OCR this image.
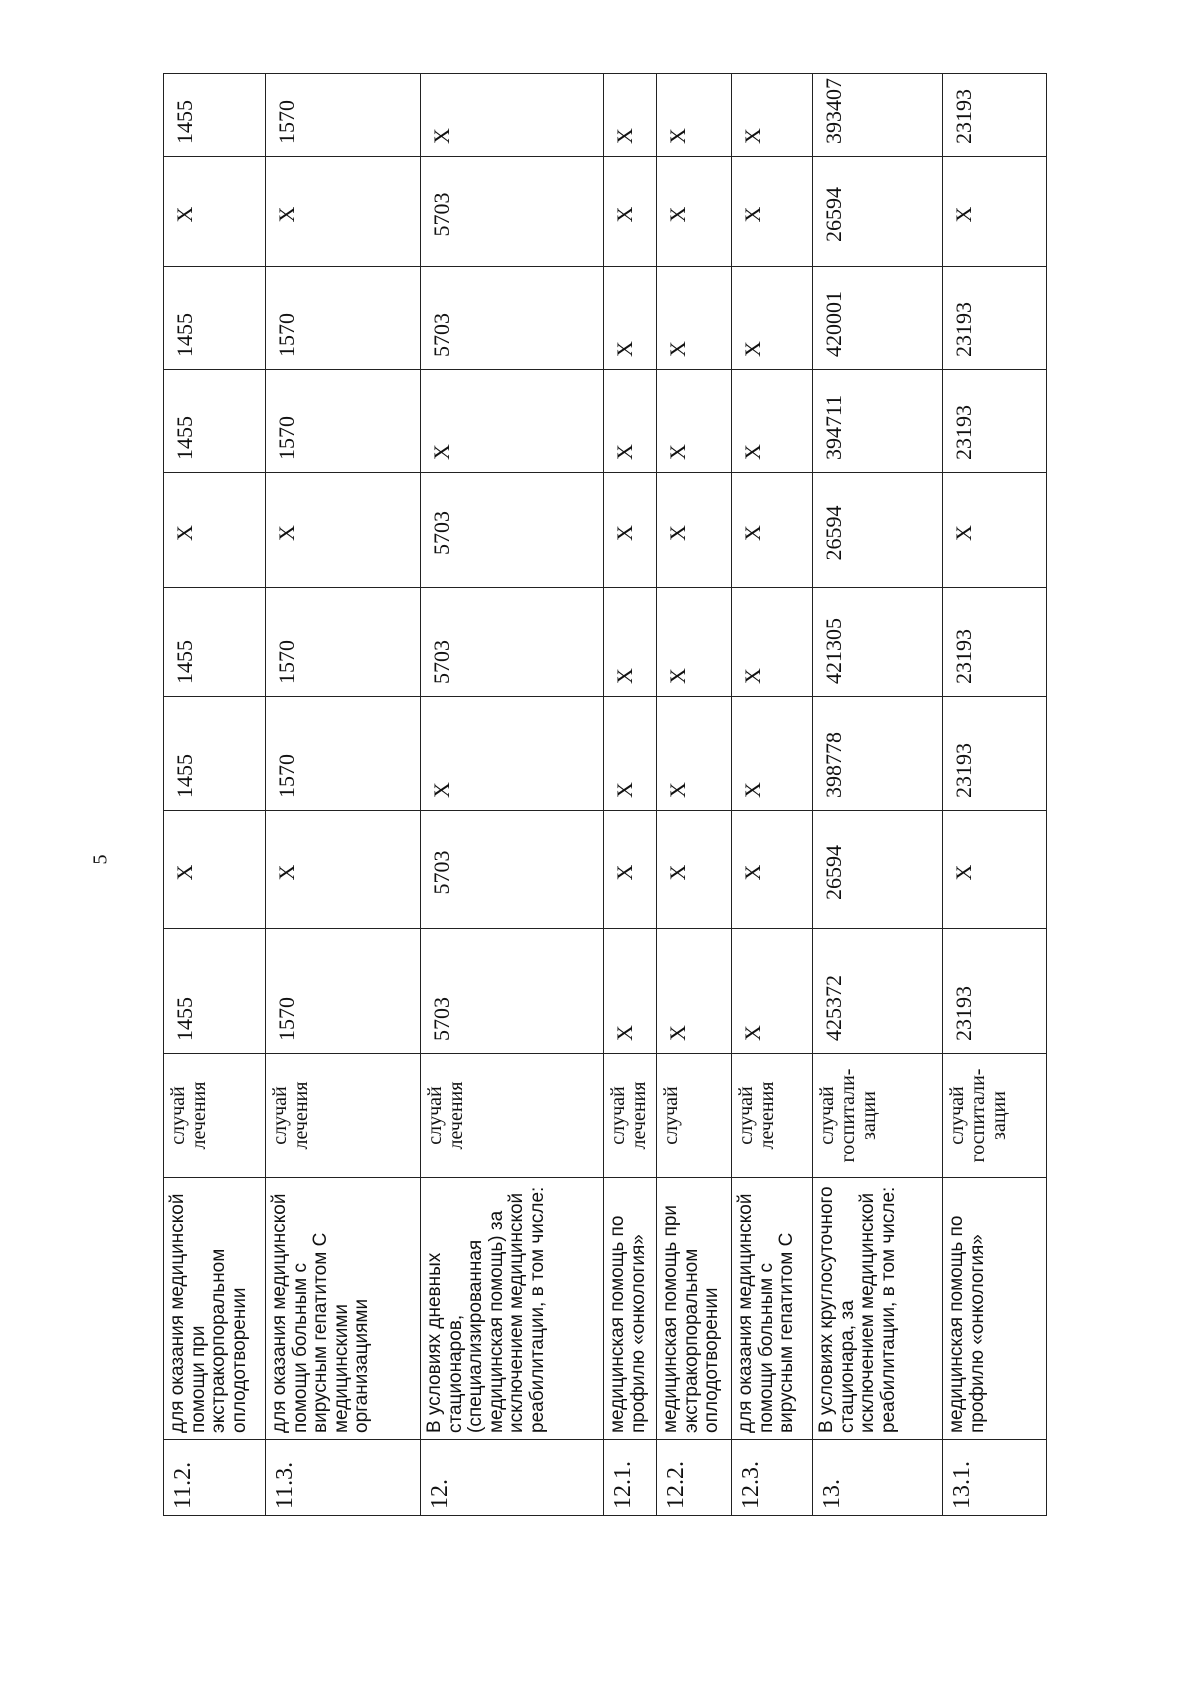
5
11.2.	для оказания медицинской помощи при экстракорпоральном оплодотворении	случай лечения	1455	X	1455	1455	X	1455	1455	X	1455
11.3.	для оказания медицинской помощи больным с вирусным гепатитом С медицинскими организациями	случай лечения	1570	X	1570	1570	X	1570	1570	X	1570
12.	В условиях дневных стационаров, (специализированная медицинская помощь) за исключением медицинской реабилитации, в том числе:	случай лечения	5703	5703	X	5703	5703	X	5703	5703	X
12.1.	медицинская помощь по профилю «онкология»	случай лечения	X	X	X	X	X	X	X	X	X
12.2.	медицинская помощь при экстракорпоральном оплодотворении	случай	X	X	X	X	X	X	X	X	X
12.3.	для оказания медицинской помощи больным с вирусным гепатитом С	случай лечения	X	X	X	X	X	X	X	X	X
13.	В условиях круглосуточного стационара, за исключением медицинской реабилитации, в том числе:	случай госпитали-зации	425372	26594	398778	421305	26594	394711	420001	26594	393407
13.1.	медицинская помощь по профилю «онкология»	случай госпитали-зации	23193	X	23193	23193	X	23193	23193	X	23193
